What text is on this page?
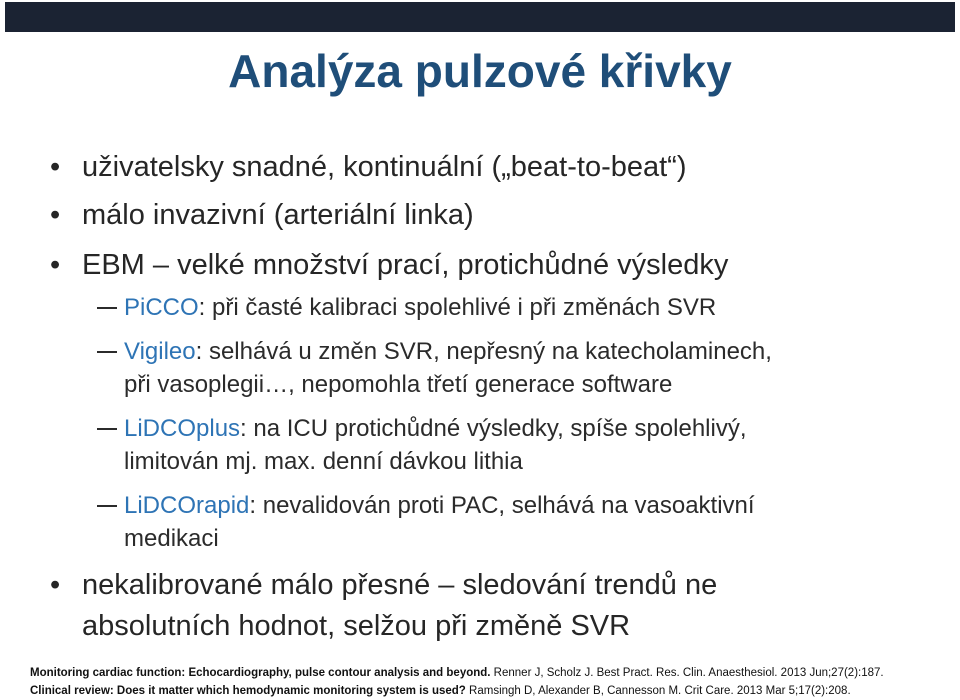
Analýza pulzové křivky
• uživatelsky snadné, kontinuální („beat-to-beat“)
• málo invazivní (arteriální linka)
• EBM – velké množství prací, protichůdné výsledky
PiCCO: při časté kalibraci spolehlivé i při změnách SVR
Vigileo: selhává u změn SVR, nepřesný na katecholaminech,
při vasoplegii…, nepomohla třetí generace software
LiDCOplus: na ICU protichůdné výsledky, spíše spolehlivý,
limitován mj. max. denní dávkou lithia
LiDCOrapid: nevalidován proti PAC, selhává na vasoaktivní
medikaci
• nekalibrované málo přesné – sledování trendů ne
absolutních hodnot, selžou při změně SVR
Monitoring cardiac function: Echocardiography, pulse contour analysis and beyond. Renner J, Scholz J. Best Pract. Res. Clin. Anaesthesiol. 2013 Jun;27(2):187.
Clinical review: Does it matter which hemodynamic monitoring system is used? Ramsingh D, Alexander B, Cannesson M. Crit Care. 2013 Mar 5;17(2):208.
